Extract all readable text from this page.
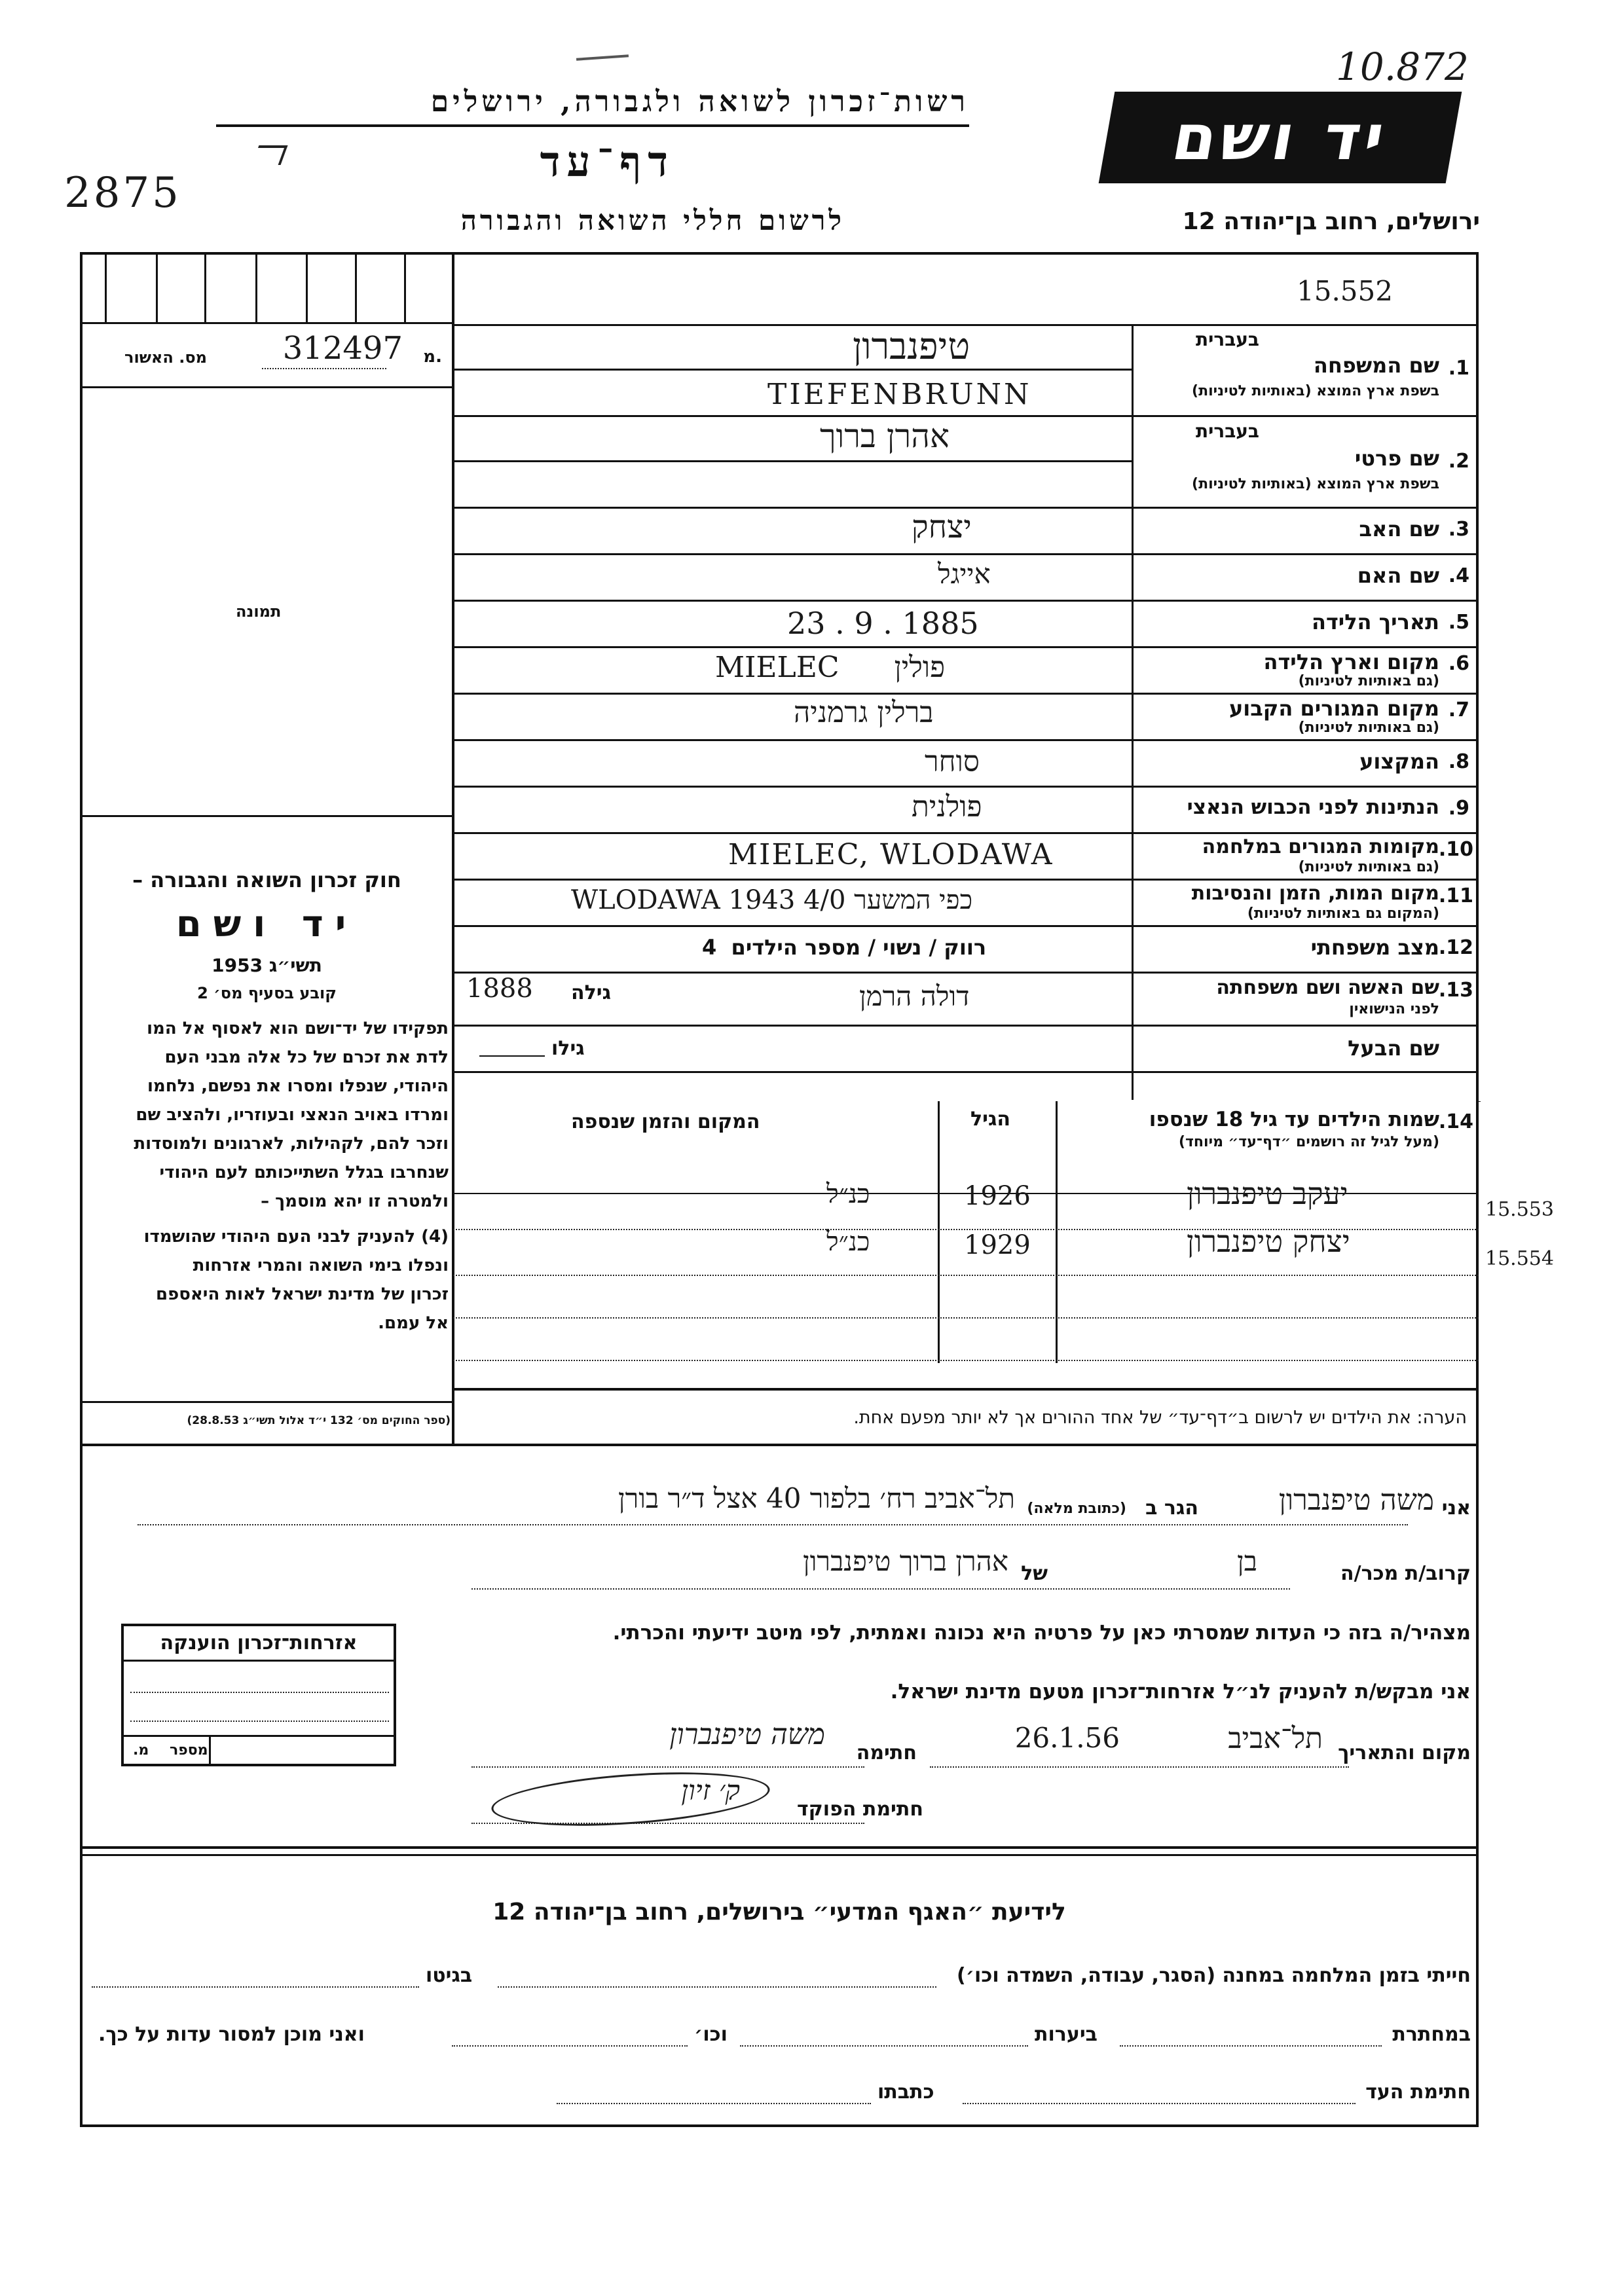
10.872
רשות־זכרון לשואה ולגבורה, ירושלים
דף־עד
2875
לרשום חללי השואה והגבורה
יד ושם
ירושלים, רחוב בן־יהודה 12
15.552
מ.
312497
מס. האשור
תמונה
חוק זכרון השואה והגבורה –
יד ושם
תשי״ג 1953
קובע בסעיף מס׳ 2
תפקידו של יד־ושם הוא לאסוף אל המו
לדת את זכרם של כל אלה מבני העם
היהודי, שנפלו ומסרו את נפשם, נלחמו
ומרדו באויב הנאצי ובעוזריו, ולהציב שם
וזכר להם, לקהילות, לארגונים ולמוסדות
שנחרבו בגלל השתייכותם לעם היהודי
ולמטרה זו יהא מוסמך –
(4) להעניק לבני העם היהודי שהושמדו
ונפלו בימי השואה והמרי אזרחות
זכרון של מדינת ישראל לאות היאספם
אל עמם.
(ספר החוקים מס׳ 132 י״ד אלול תשי״ג 28.8.53)
טיפנברון
TIEFENBRUNN
בעברית
1.
שם המשפחה
בשפת ארץ המוצא (באותיות לטיניות)
אהרן ברוך	בעברית
2.
שם פרטי
בשפת ארץ המוצא (באותיות לטיניות)
יצחק	3.
שם האב
אייגל	4.
שם האם
23 . 9 . 1885	5.
תאריך הלידה
MIELEC      פולין	6.
מקום וארץ הלידה
(גם באותיות לטיניות)
ברלין גרמניה	7.
מקום המגורים הקבוע
(גם באותיות לטיניות)
סוחר	8.
המקצוע
פולנית	9.
הנתינות לפני הכבוש הנאצי
MIELEC, WLODAWA	10.
מקומות המגורים במלחמה
(גם באותיות לטיניות)
WLODAWA 1943 4/0 כפי המשער	11.
מקום המות, הזמן והנסיבות
(המקום גם באותיות לטיניות)
רווק / נשוי / מספר הילדים  4	12.
מצב משפחתי
1888 גילה	דולה הרמן	13.
שם האשה ושם משפחתה
לפני הנישואין
גילו	שם הבעל
המקום והזמן שנספה	הגיל	14.
שמות הילדים עד גיל 18 שנספו
(מעל לגיל זה רושמים ״דף־עד״ מיוחד)
כנ״ל	1926	יעקב טיפנברון
כנ״ל	1929	יצחק טיפנברון
15.553
15.554
הערה: את הילדים יש לרשום ב״דף־עד״ של אחד ההורים אך לא יותר מפעם אחת.
אני
משה טיפנברון
הגר ב
(כתובת מלאה)
תל־אביב רח׳ בלפור 40 אצל ד״ר בורן
קרוב/ת מכר/ה
בן
של
אהרן ברוך טיפנברון
מצהיר/ה בזה כי העדות שמסרתי כאן על פרטיה היא נכונה ואמתית, לפי מיטב ידיעתי והכרתי.
אני מבקש/ת להעניק לנ״ל אזרחות־זכרון מטעם מדינת ישראל.
מקום והתאריך
תל־אביב
26.1.56
חתימה
משה טיפנברון
חתימת הפוקד
ק׳ זיון
אזרחות־זכרון הוענקה
מספר
מ.
לידיעת ״האגף המדעי״ בירושלים, רחוב בן־יהודה 12
חייתי בזמן המלחמה במחנה (הסגר, עבודה, השמדה וכו׳)
בגיטו
במחתרת
ביערות
וכו׳
ואני מוכן למסור עדות על כך.
חתימת העד
כתבתו
